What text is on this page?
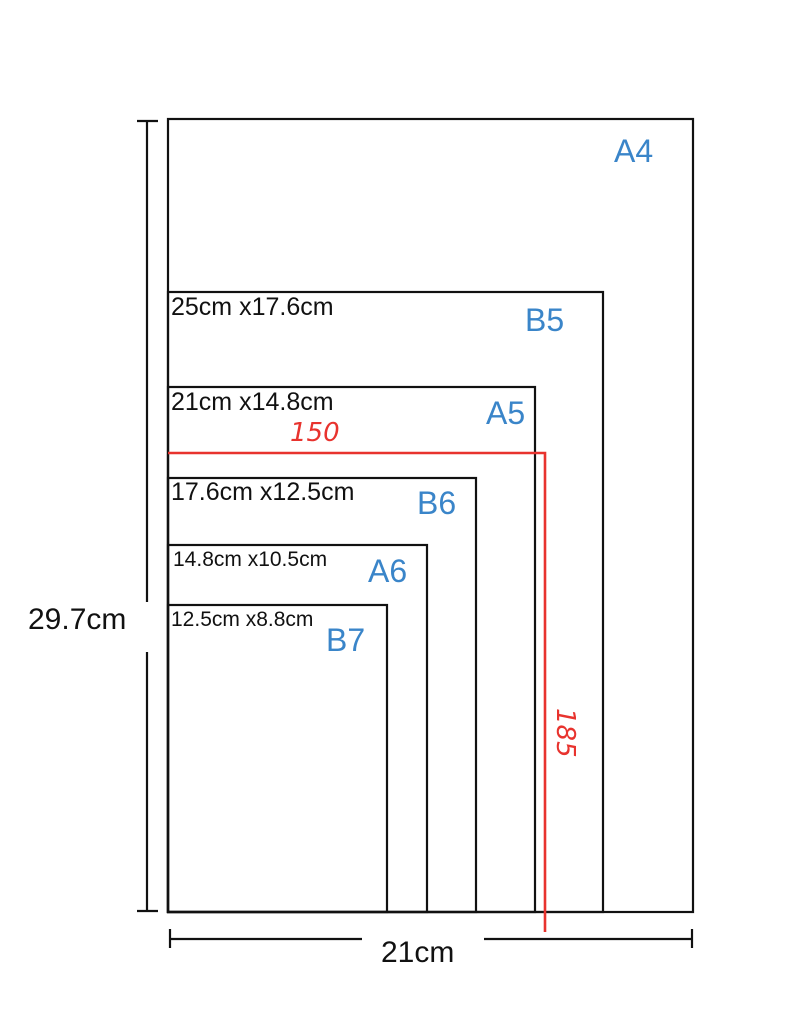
29.7cm
21cm
25cm x17.6cm
21cm x14.8cm
17.6cm x12.5cm
14.8cm x10.5cm
12.5cm x8.8cm
A4
B5
A5
B6
A6
B7
150
185
